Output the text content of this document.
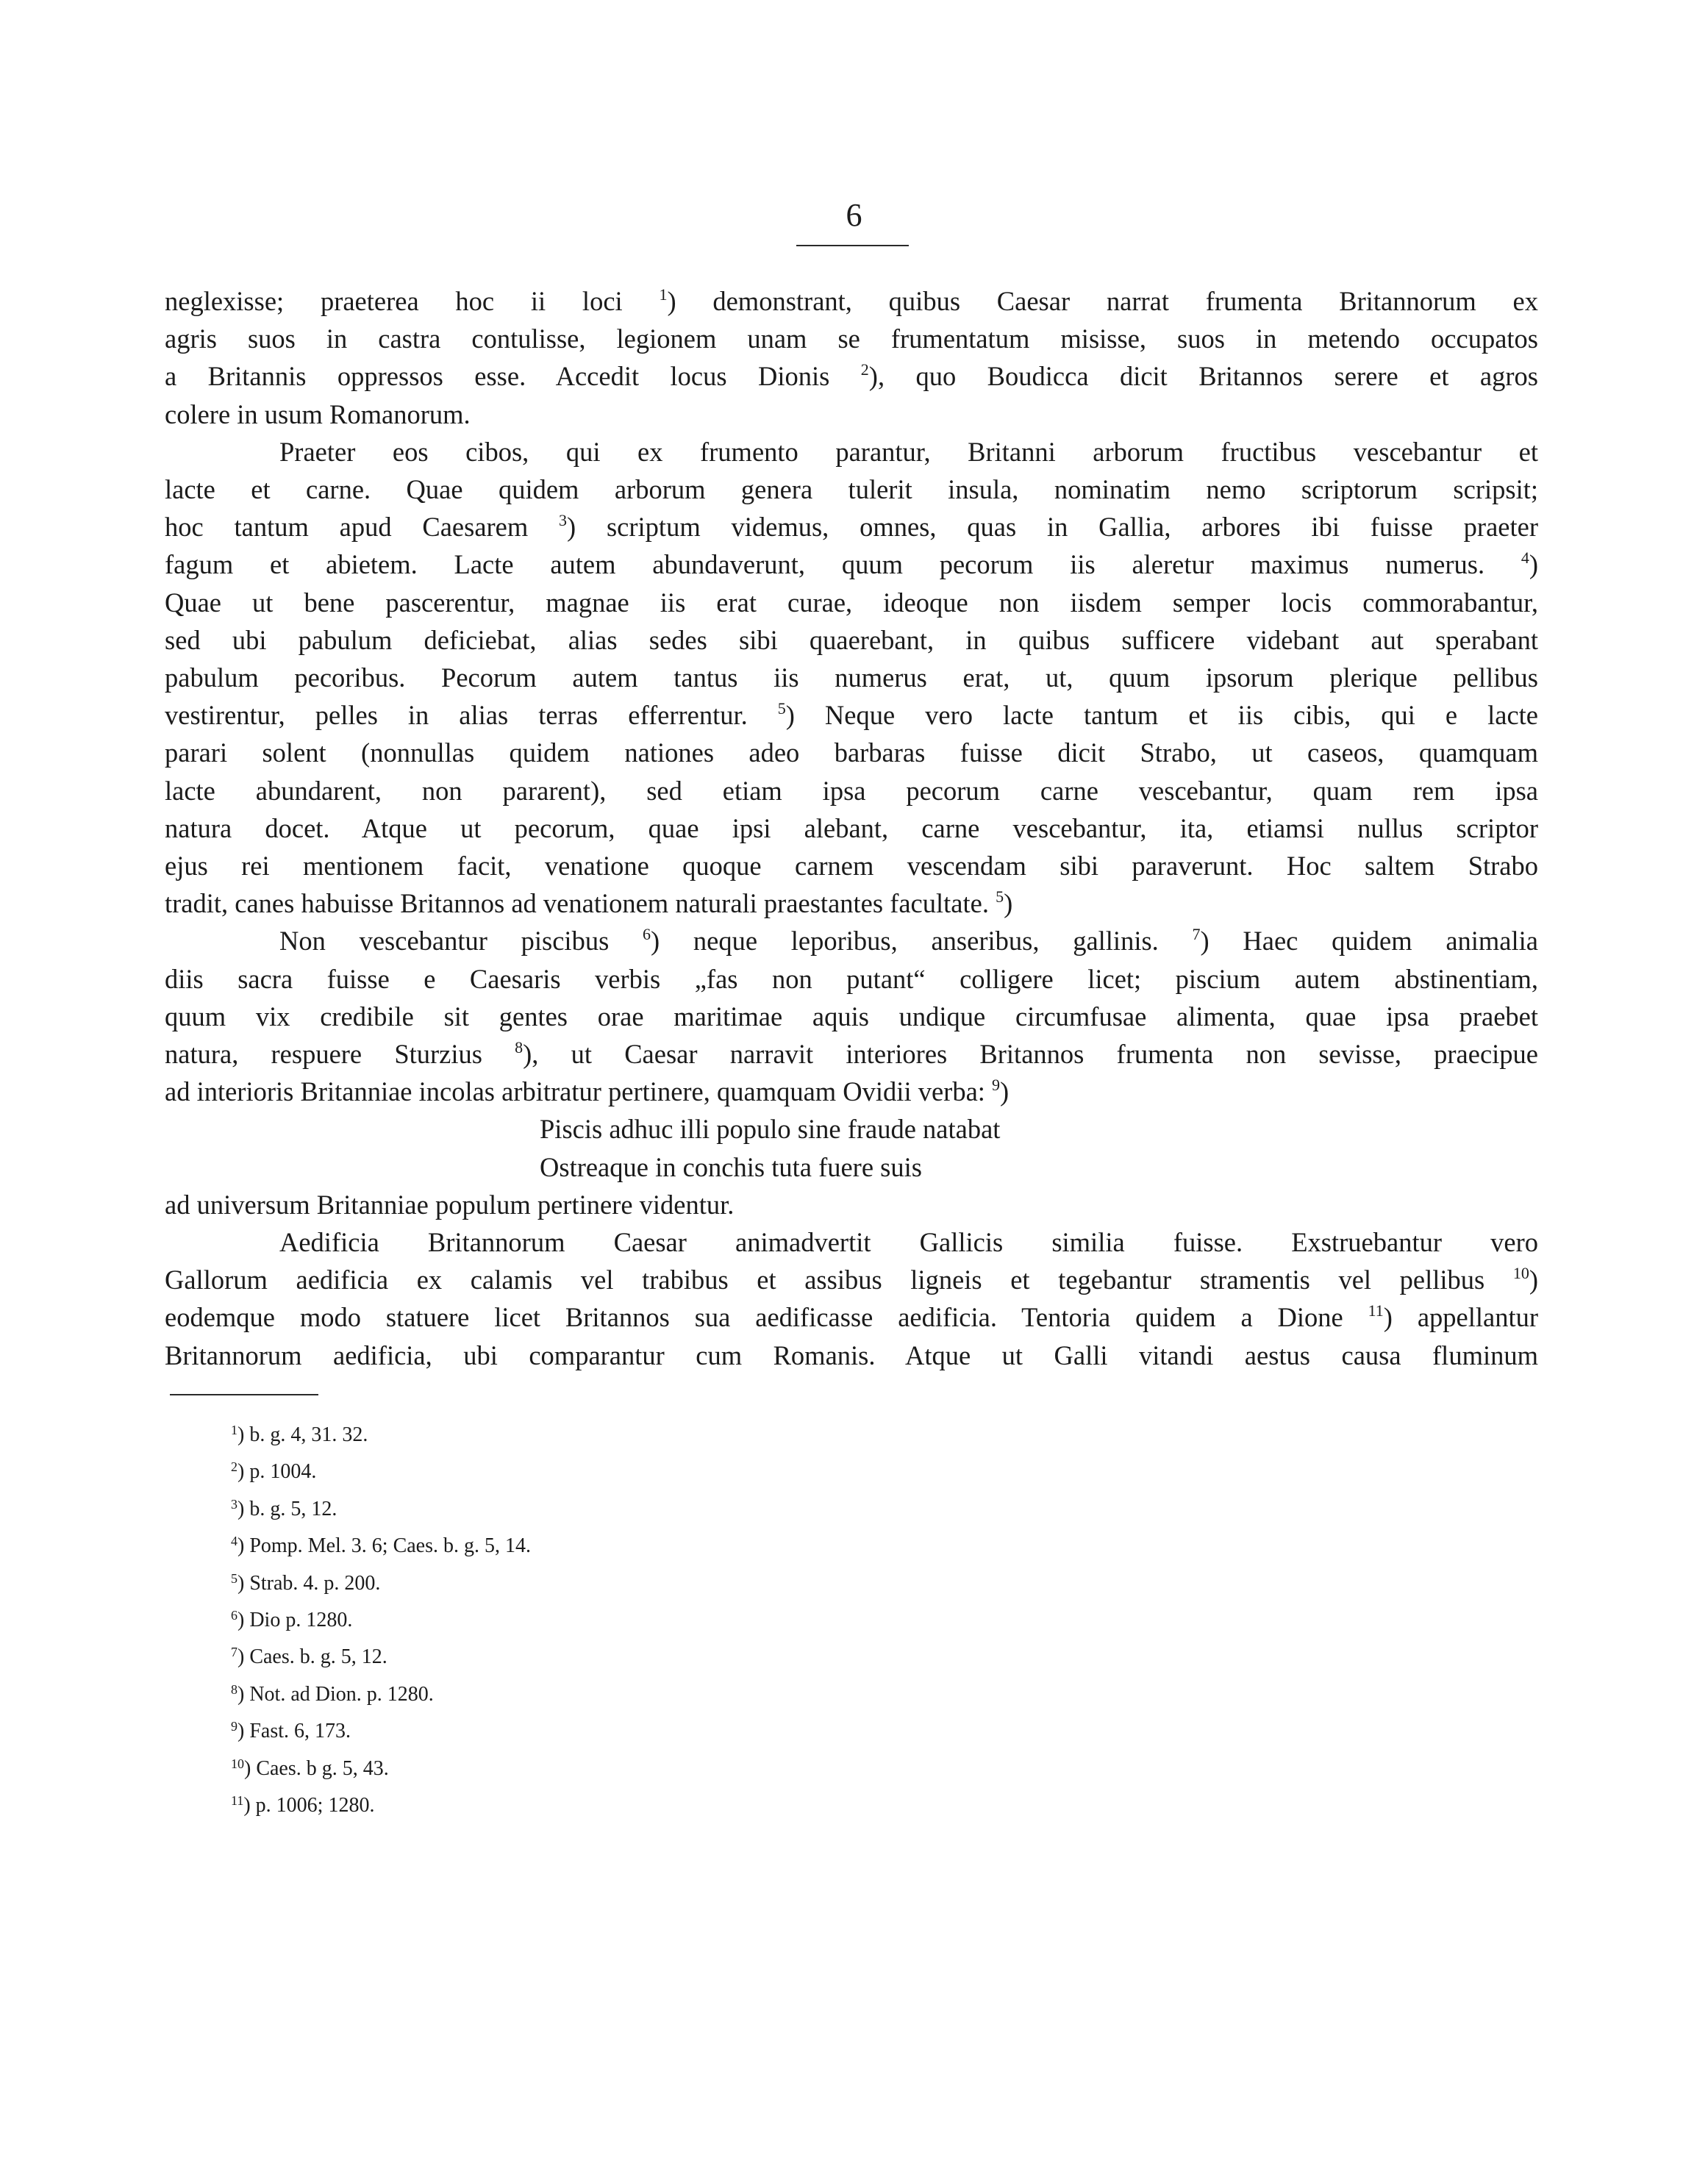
6
neglexisse; praeterea hoc ii loci $^1$) demonstrant, quibus Caesar narrat frumenta Britannorum ex
agris suos in castra contulisse, legionem unam se frumentatum misisse, suos in metendo occupatos
a Britannis oppressos esse. Accedit locus Dionis $^2$), quo Boudicca dicit Britannos serere et agros
colere in usum Romanorum.
Praeter eos cibos, qui ex frumento parantur, Britanni arborum fructibus vescebantur et
lacte et carne. Quae quidem arborum genera tulerit insula, nominatim nemo scriptorum scripsit;
hoc tantum apud Caesarem $^3$) scriptum videmus, omnes, quas in Gallia, arbores ibi fuisse praeter
fagum et abietem. Lacte autem abundaverunt, quum pecorum iis aleretur maximus numerus. $^4$)
Quae ut bene pascerentur, magnae iis erat curae, ideoque non iisdem semper locis commorabantur,
sed ubi pabulum deficiebat, alias sedes sibi quaerebant, in quibus sufficere videbant aut sperabant
pabulum pecoribus. Pecorum autem tantus iis numerus erat, ut, quum ipsorum plerique pellibus
vestirentur, pelles in alias terras efferrentur. $^5$) Neque vero lacte tantum et iis cibis, qui e lacte
parari solent (nonnullas quidem nationes adeo barbaras fuisse dicit Strabo, ut caseos, quamquam
lacte abundarent, non pararent), sed etiam ipsa pecorum carne vescebantur, quam rem ipsa
natura docet. Atque ut pecorum, quae ipsi alebant, carne vescebantur, ita, etiamsi nullus scriptor
ejus rei mentionem facit, venatione quoque carnem vescendam sibi paraverunt. Hoc saltem Strabo
tradit, canes habuisse Britannos ad venationem naturali praestantes facultate. $^5$)
Non vescebantur piscibus $^6$) neque leporibus, anseribus, gallinis. $^7$) Haec quidem animalia
diis sacra fuisse e Caesaris verbis „fas non putant“ colligere licet; piscium autem abstinentiam,
quum vix credibile sit gentes orae maritimae aquis undique circumfusae alimenta, quae ipsa praebet
natura, respuere Sturzius $^8$), ut Caesar narravit interiores Britannos frumenta non sevisse, praecipue
ad interioris Britanniae incolas arbitratur pertinere, quamquam Ovidii verba: $^9$)
Piscis adhuc illi populo sine fraude natabat
Ostreaque in conchis tuta fuere suis
ad universum Britanniae populum pertinere videntur.
Aedificia Britannorum Caesar animadvertit Gallicis similia fuisse. Exstruebantur vero
Gallorum aedificia ex calamis vel trabibus et assibus ligneis et tegebantur stramentis vel pellibus $^{10}$)
eodemque modo statuere licet Britannos sua aedificasse aedificia. Tentoria quidem a Dione $^{11}$) appellantur
Britannorum aedificia, ubi comparantur cum Romanis. Atque ut Galli vitandi aestus causa fluminum
$^1$) b. g. 4, 31. 32.
$^2$) p. 1004.
$^3$) b. g. 5, 12.
$^4$) Pomp. Mel. 3. 6; Caes. b. g. 5, 14.
$^5$) Strab. 4. p. 200.
$^6$) Dio p. 1280.
$^7$) Caes. b. g. 5, 12.
$^8$) Not. ad Dion. p. 1280.
$^9$) Fast. 6, 173.
$^{10}$) Caes. b g. 5, 43.
$^{11}$) p. 1006; 1280.
